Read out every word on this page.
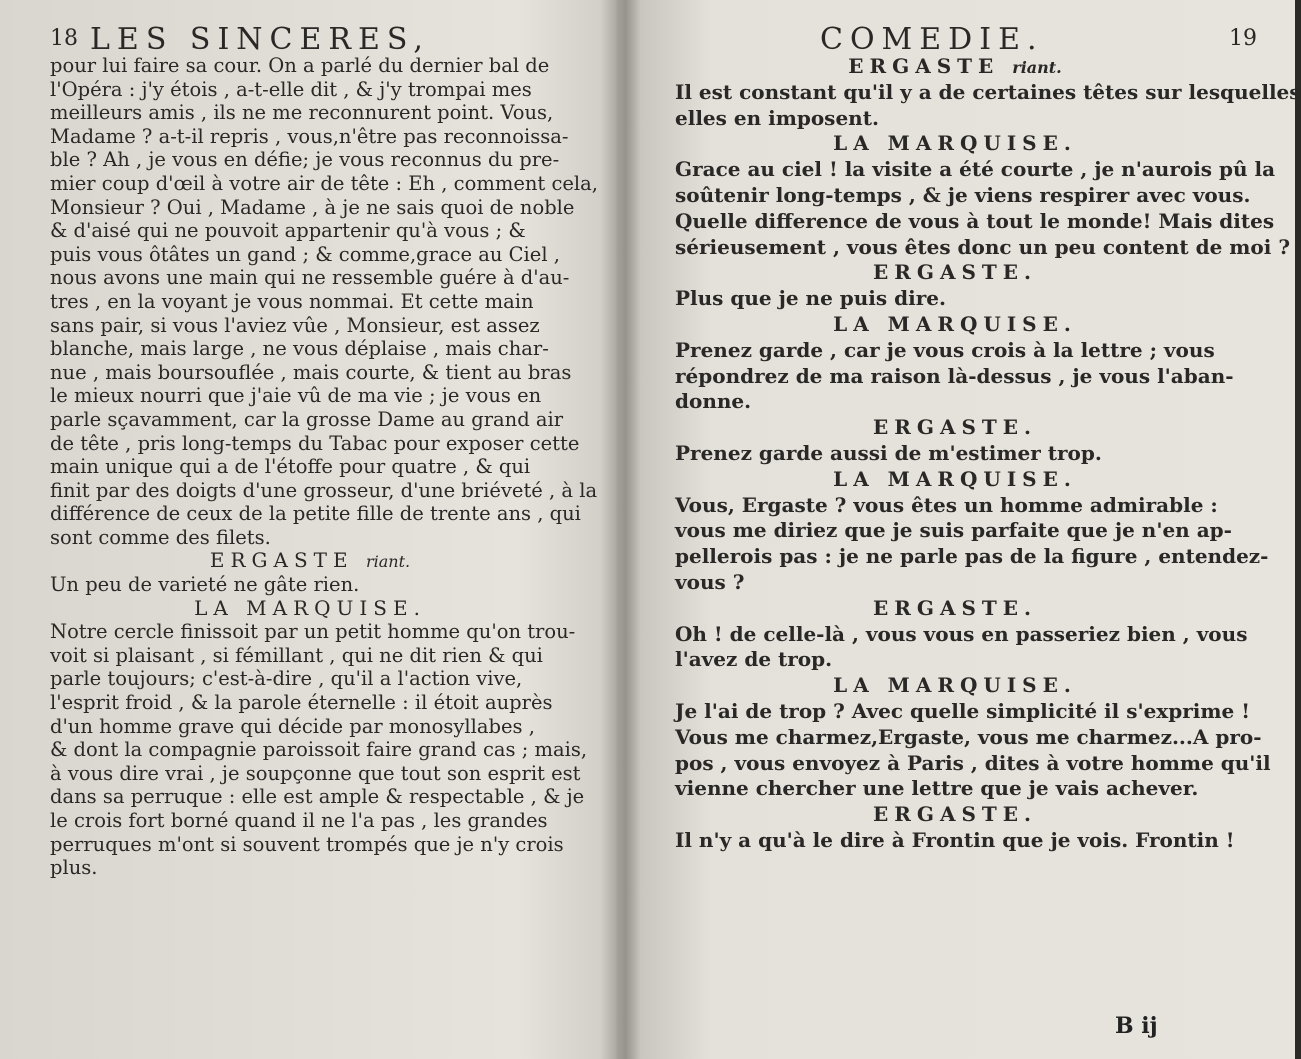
18 LES SINCERES,
pour lui faire sa cour. On a parlé du dernier bal de
l'Opéra : j'y étois , a-t-elle dit , & j'y trompai mes
meilleurs amis , ils ne me reconnurent point. Vous,
Madame ? a-t-il repris , vous,n'être pas reconnoissa-
ble ? Ah , je vous en défie; je vous reconnus du pre-
mier coup d'œil à votre air de tête : Eh , comment cela,
Monsieur ? Oui , Madame , à je ne sais quoi de noble
& d'aisé qui ne pouvoit appartenir qu'à vous ; &
puis vous ôtâtes un gand ; & comme,grace au Ciel ,
nous avons une main qui ne ressemble guére à d'au-
tres , en la voyant je vous nommai. Et cette main
sans pair, si vous l'aviez vûe , Monsieur, est assez
blanche, mais large , ne vous déplaise , mais char-
nue , mais boursouflée , mais courte, & tient au bras
le mieux nourri que j'aie vû de ma vie ; je vous en
parle sçavamment, car la grosse Dame au grand air
de tête , pris long-temps du Tabac pour exposer cette
main unique qui a de l'étoffe pour quatre , & qui
finit par des doigts d'une grosseur, d'une briéveté , à la
différence de ceux de la petite fille de trente ans , qui
sont comme des filets.
ERGASTE riant.
Un peu de varieté ne gâte rien.
LA MARQUISE.
Notre cercle finissoit par un petit homme qu'on trou-
voit si plaisant , si fémillant , qui ne dit rien & qui
parle toujours; c'est-à-dire , qu'il a l'action vive,
l'esprit froid , & la parole éternelle : il étoit auprès
d'un homme grave qui décide par monosyllabes ,
& dont la compagnie paroissoit faire grand cas ; mais,
à vous dire vrai , je soupçonne que tout son esprit est
dans sa perruque : elle est ample & respectable , & je
le crois fort borné quand il ne l'a pas , les grandes
perruques m'ont si souvent trompés que je n'y crois
plus.
COMEDIE.	19
ERGASTE riant.
Il est constant qu'il y a de certaines têtes sur lesquelles
elles en imposent.
LA MARQUISE.
Grace au ciel ! la visite a été courte , je n'aurois pû la
soûtenir long-temps , & je viens respirer avec vous.
Quelle difference de vous à tout le monde! Mais dites
sérieusement , vous êtes donc un peu content de moi ?
ERGASTE.
Plus que je ne puis dire.
LA MARQUISE.
Prenez garde , car je vous crois à la lettre ; vous
répondrez de ma raison là-dessus , je vous l'aban-
donne.
ERGASTE.
Prenez garde aussi de m'estimer trop.
LA MARQUISE.
Vous, Ergaste ? vous êtes un homme admirable :
vous me diriez que je suis parfaite que je n'en ap-
pellerois pas : je ne parle pas de la figure , entendez-
vous ?
ERGASTE.
Oh ! de celle-là , vous vous en passeriez bien , vous
l'avez de trop.
LA MARQUISE.
Je l'ai de trop ? Avec quelle simplicité il s'exprime !
Vous me charmez,Ergaste, vous me charmez...A pro-
pos , vous envoyez à Paris , dites à votre homme qu'il
vienne chercher une lettre que je vais achever.
ERGASTE.
Il n'y a qu'à le dire à Frontin que je vois. Frontin !
B ij
